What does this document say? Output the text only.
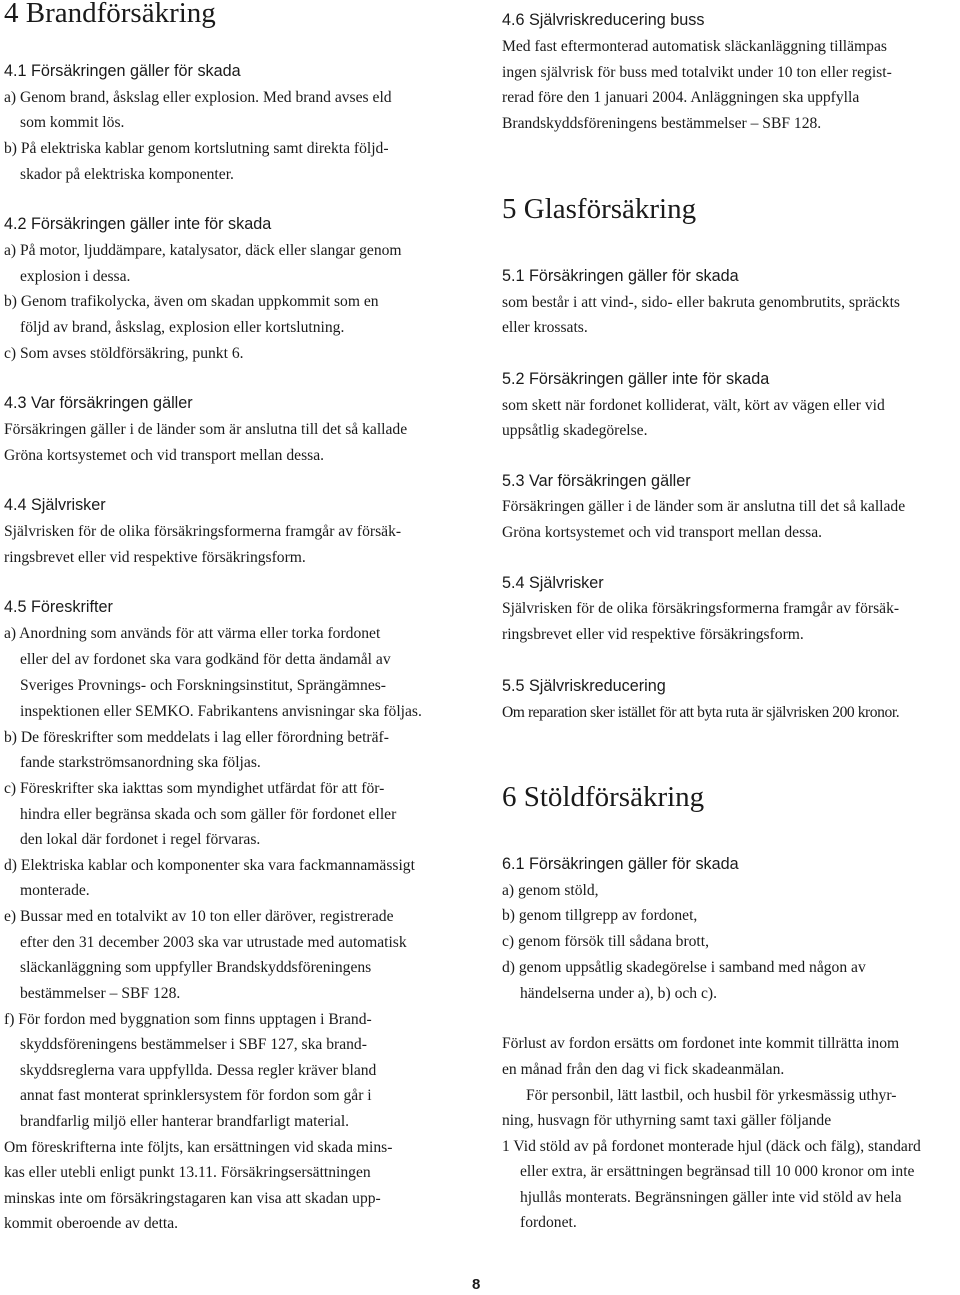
4 Brandförsäkring
4.1 Försäkringen gäller för skada
a) Genom brand, åskslag eller explosion. Med brand avses eld
som kommit lös.
b) På elektriska kablar genom kortslutning samt direkta följd-
skador på elektriska komponenter.
4.2 Försäkringen gäller inte för skada
a) På motor, ljuddämpare, katalysator, däck eller slangar genom
explosion i dessa.
b) Genom trafikolycka, även om skadan uppkommit som en
följd av brand, åskslag, explosion eller kortslutning.
c) Som avses stöldförsäkring, punkt 6.
4.3 Var försäkringen gäller
Försäkringen gäller i de länder som är anslutna till det så kallade
Gröna kortsystemet och vid transport mellan dessa.
4.4 Självrisker
Självrisken för de olika försäkringsformerna framgår av försäk-
ringsbrevet eller vid respektive försäkringsform.
4.5 Föreskrifter
a) Anordning som används för att värma eller torka fordonet
eller del av fordonet ska vara godkänd för detta ändamål av
Sveriges Provnings- och Forskningsinstitut, Sprängämnes-
inspektionen eller SEMKO. Fabrikantens anvisningar ska följas.
b) De föreskrifter som meddelats i lag eller förordning beträf-
fande starkströmsanordning ska följas.
c) Föreskrifter ska iakttas som myndighet utfärdat för att för-
hindra eller begränsa skada och som gäller för fordonet eller
den lokal där fordonet i regel förvaras.
d) Elektriska kablar och komponenter ska vara fackmannamässigt
monterade.
e) Bussar med en totalvikt av 10 ton eller däröver, registrerade
efter den 31 december 2003 ska var utrustade med automatisk
släckanläggning som uppfyller Brandskyddsföreningens
bestämmelser – SBF 128.
f) För fordon med byggnation som finns upptagen i Brand-
skyddsföreningens bestämmelser i SBF 127, ska brand-
skyddsreglerna vara uppfyllda. Dessa regler kräver bland
annat fast monterat sprinklersystem för fordon som går i
brandfarlig miljö eller hanterar brandfarligt material.
Om föreskrifterna inte följts, kan ersättningen vid skada mins-
kas eller utebli enligt punkt 13.11. Försäkringsersättningen
minskas inte om försäkringstagaren kan visa att skadan upp-
kommit oberoende av detta.
4.6 Självriskreducering buss
Med fast eftermonterad automatisk släckanläggning tillämpas
ingen självrisk för buss med totalvikt under 10 ton eller regist-
rerad före den 1 januari 2004. Anläggningen ska uppfylla
Brandskyddsföreningens bestämmelser – SBF 128.
5 Glasförsäkring
5.1 Försäkringen gäller för skada
som består i att vind-, sido- eller bakruta genombrutits, spräckts
eller krossats.
5.2 Försäkringen gäller inte för skada
som skett när fordonet kolliderat, vält, kört av vägen eller vid
uppsåtlig skadegörelse.
5.3 Var försäkringen gäller
Försäkringen gäller i de länder som är anslutna till det så kallade
Gröna kortsystemet och vid transport mellan dessa.
5.4 Självrisker
Självrisken för de olika försäkringsformerna framgår av försäk-
ringsbrevet eller vid respektive försäkringsform.
5.5 Självriskreducering
Om reparation sker istället för att byta ruta är självrisken 200 kronor.
6 Stöldförsäkring
6.1 Försäkringen gäller för skada
a) genom stöld,
b) genom tillgrepp av fordonet,
c) genom försök till sådana brott,
d) genom uppsåtlig skadegörelse i samband med någon av
händelserna under a), b) och c).
Förlust av fordon ersätts om fordonet inte kommit tillrätta inom
en månad från den dag vi fick skadeanmälan.
För personbil, lätt lastbil, och husbil för yrkesmässig uthyr-
ning, husvagn för uthyrning samt taxi gäller följande
1 Vid stöld av på fordonet monterade hjul (däck och fälg), standard
eller extra, är ersättningen begränsad till 10 000 kronor om inte
hjullås monterats. Begränsningen gäller inte vid stöld av hela
fordonet.
8
